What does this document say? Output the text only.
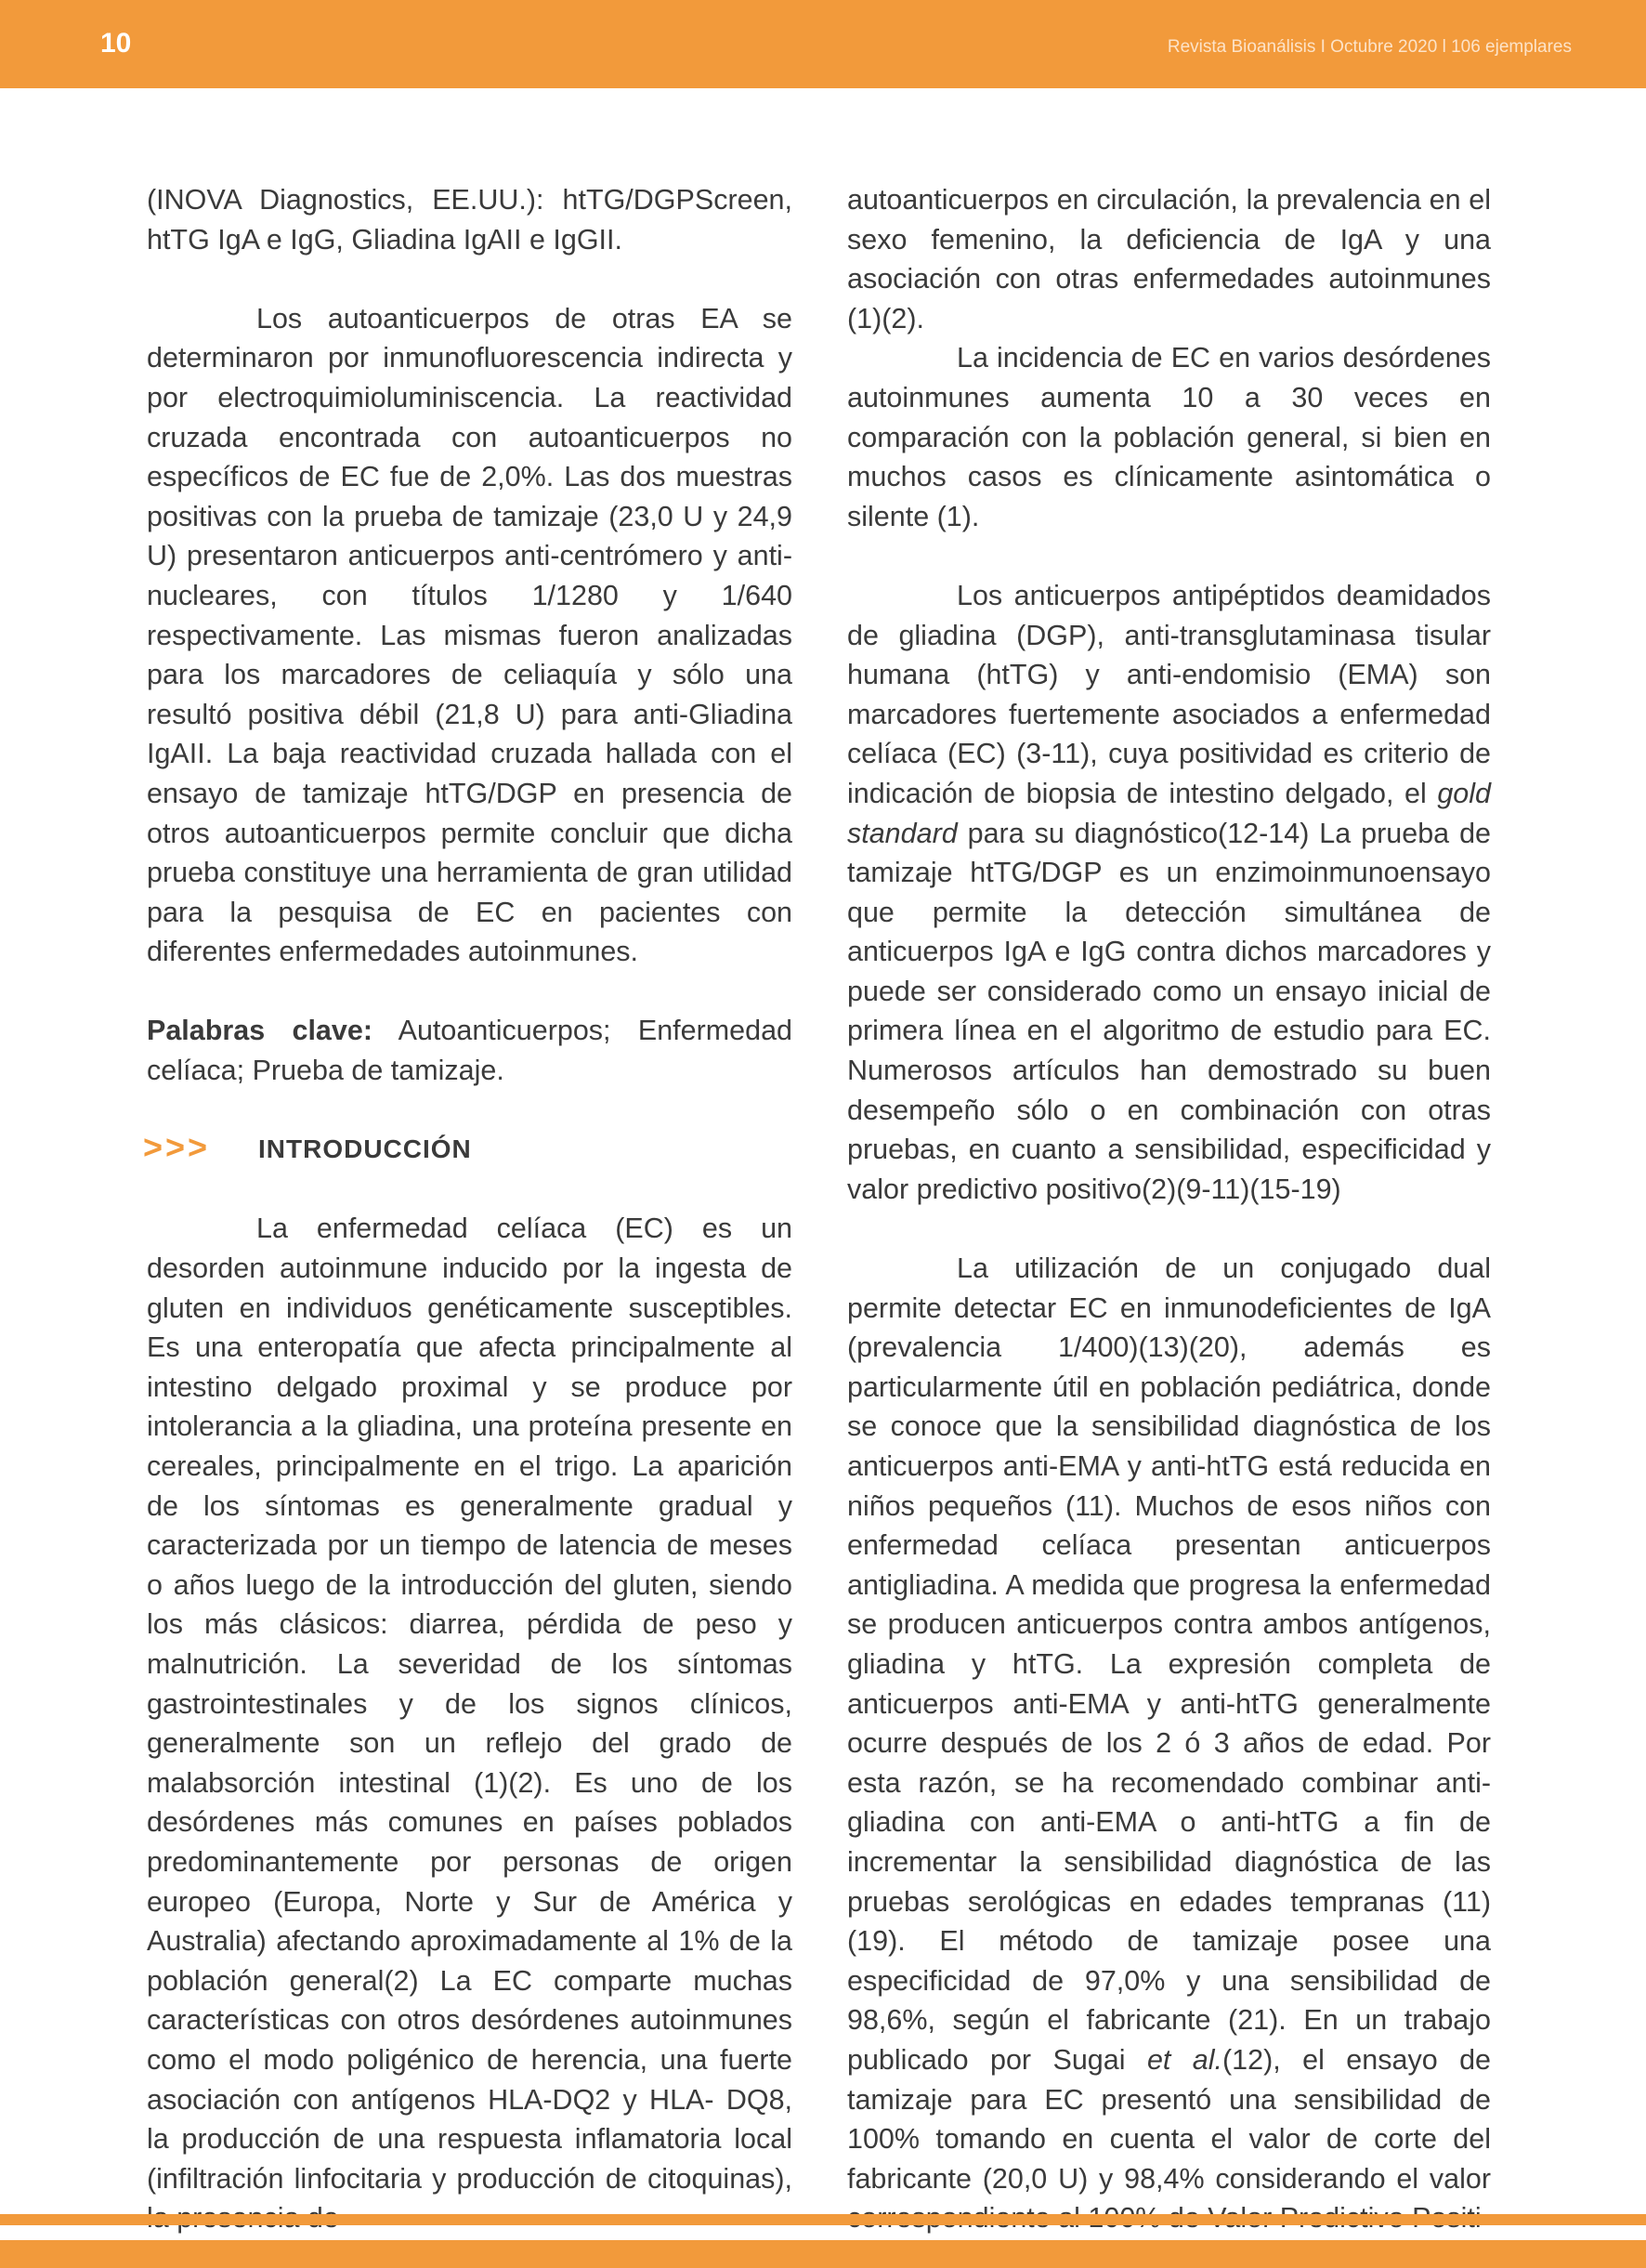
10	Revista Bioanálisis I Octubre 2020 l 106 ejemplares

(INOVA Diagnostics, EE.UU.): htTG/DGPScreen, htTG IgA e IgG, Gliadina IgAII e IgGII.

Los autoanticuerpos de otras EA se determinaron por inmunofluorescencia indirecta y por electroquimioluminiscencia. La reactividad cruzada encontrada con autoanticuerpos no específicos de EC fue de 2,0%. Las dos muestras positivas con la prueba de tamizaje (23,0 U y 24,9 U) presentaron anticuerpos anti-centrómero y anti-nucleares, con títulos 1/1280 y 1/640 respectivamente. Las mismas fueron analizadas para los marcadores de celiaquía y sólo una resultó positiva débil (21,8 U) para anti-Gliadina IgAII. La baja reactividad cruzada hallada con el ensayo de tamizaje htTG/DGP en presencia de otros autoanticuerpos permite concluir que dicha prueba constituye una herramienta de gran utilidad para la pesquisa de EC en pacientes con diferentes enfermedades autoinmunes.

Palabras clave: Autoanticuerpos; Enfermedad celíaca; Prueba de tamizaje.

>>> INTRODUCCIÓN

La enfermedad celíaca (EC) es un desorden autoinmune inducido por la ingesta de gluten en individuos genéticamente susceptibles. Es una enteropatía que afecta principalmente al intestino delgado proximal y se produce por intolerancia a la gliadina, una proteína presente en cereales, principalmente en el trigo. La aparición de los síntomas es generalmente gradual y caracterizada por un tiempo de latencia de meses o años luego de la introducción del gluten, siendo los más clásicos: diarrea, pérdida de peso y malnutrición. La severidad de los síntomas gastrointestinales y de los signos clínicos, generalmente son un reflejo del grado de malabsorción intestinal (1)(2). Es uno de los desórdenes más comunes en países poblados predominantemente por personas de origen europeo (Europa, Norte y Sur de América y Australia) afectando aproximadamente al 1% de la población general(2) La EC comparte muchas características con otros desórdenes autoinmunes como el modo poligénico de herencia, una fuerte asociación con antígenos HLA-DQ2 y HLA- DQ8, la producción de una respuesta inflamatoria local (infiltración linfocitaria y producción de citoquinas),

autoanticuerpos en circulación, la prevalencia en el sexo femenino, la deficiencia de IgA y una asociación con otras enfermedades autoinmunes (1)(2).

La incidencia de EC en varios desórdenes autoinmunes aumenta 10 a 30 veces en comparación con la población general, si bien en muchos casos es clínicamente asintomática o silente (1).

Los anticuerpos antipéptidos deamidados de gliadina (DGP), anti-transglutaminasa tisular humana (htTG) y anti-endomisio (EMA) son marcadores fuertemente asociados a enfermedad celíaca (EC) (3-11), cuya positividad es criterio de indicación de biopsia de intestino delgado, el gold standard para su diagnóstico(12-14) La prueba de tamizaje htTG/DGP es un enzimoinmunoensayo que permite la detección simultánea de anticuerpos IgA e IgG contra dichos marcadores y puede ser considerado como un ensayo inicial de primera línea en el algoritmo de estudio para EC. Numerosos artículos han demostrado su buen desempeño sólo o en combinación con otras pruebas, en cuanto a sensibilidad, especificidad y valor predictivo positivo(2)(9-11)(15-19)

La utilización de un conjugado dual permite detectar EC en inmunodeficientes de IgA (prevalencia 1/400)(13)(20), además es particularmente útil en población pediátrica, donde se conoce que la sensibilidad diagnóstica de los anticuerpos anti-EMA y anti-htTG está reducida en niños pequeños (11). Muchos de esos niños con enfermedad celíaca presentan anticuerpos antigliadina. A medida que progresa la enfermedad se producen anticuerpos contra ambos antígenos, gliadina y htTG. La expresión completa de anticuerpos anti-EMA y anti-htTG generalmente ocurre después de los 2 ó 3 años de edad. Por esta razón, se ha recomendado combinar anti-gliadina con anti-EMA o anti-htTG a fin de incrementar la sensibilidad diagnóstica de las pruebas serológicas en edades tempranas (11)(19). El método de tamizaje posee una especificidad de 97,0% y una sensibilidad de 98,6%, según el fabricante (21). En un trabajo publicado por Sugai et al.(12), el ensayo de tamizaje para EC presentó una sensibilidad de 100% tomando en cuenta el valor de corte del fabricante (20,0 U) y 98,4% considerando el valor
